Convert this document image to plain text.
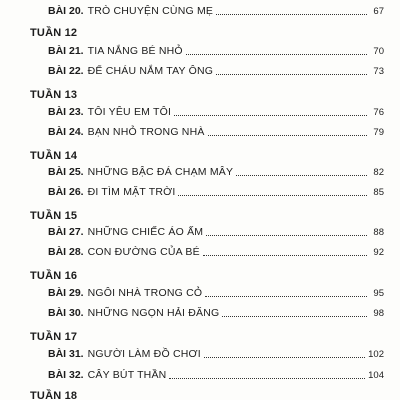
BÀI 20. TRÒ CHUYỆN CÙNG MẸ	67
TUẦN 12
BÀI 21. TIA NẮNG BÉ NHỎ	70
BÀI 22. ĐỂ CHÁU NẮM TAY ÔNG	73
TUẦN 13
BÀI 23. TÔI YÊU EM TÔI	76
BÀI 24. BẠN NHỎ TRONG NHÀ	79
TUẦN 14
BÀI 25. NHỮNG BẬC ĐÁ CHẠM MÂY	82
BÀI 26. ĐI TÌM MẶT TRỜI	85
TUẦN 15
BÀI 27. NHỮNG CHIẾC ÁO ẤM	88
BÀI 28. CON ĐƯỜNG CỦA BÉ	92
TUẦN 16
BÀI 29. NGÔI NHÀ TRONG CỎ	95
BÀI 30. NHỮNG NGỌN HẢI ĐĂNG	98
TUẦN 17
BÀI 31. NGƯỜI LÀM ĐỒ CHƠI	102
BÀI 32. CÂY BÚT THẦN	104
TUẦN 18
